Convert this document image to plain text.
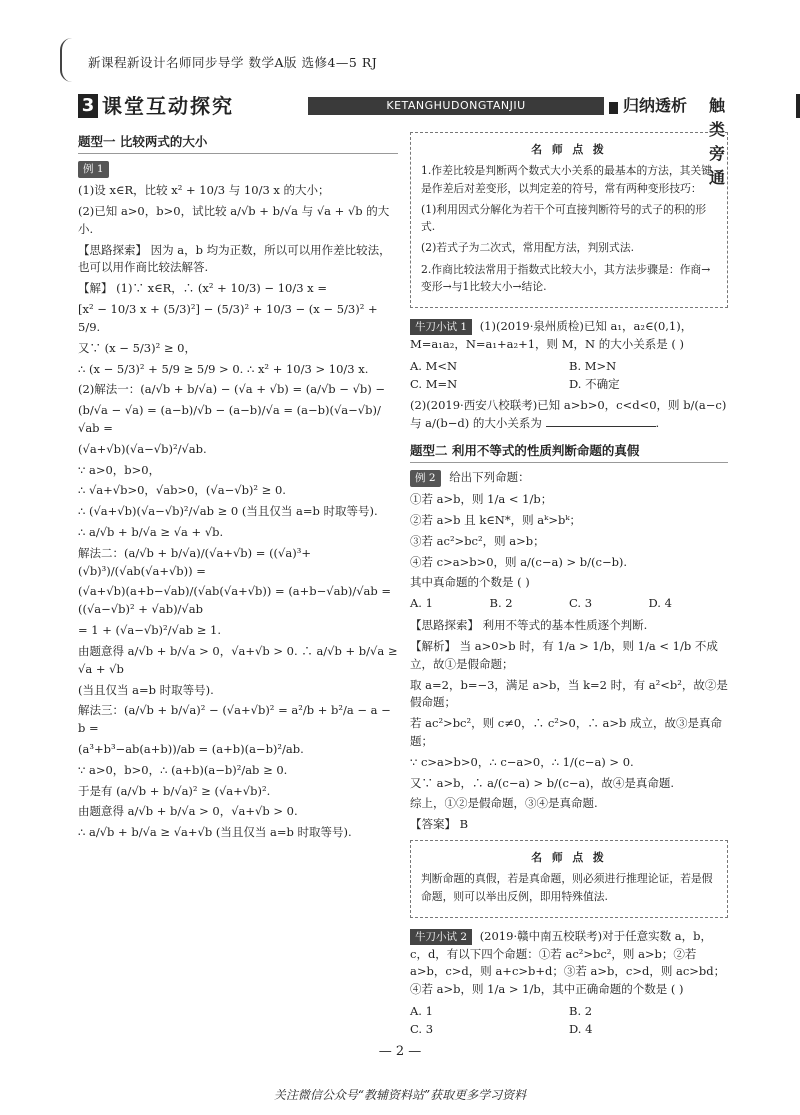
新课程新设计名师同步导学 数学A版 选修4—5 RJ
3 课堂互动探究	KETANGHUDONGTANJIU	归纳透析 触类旁通
题型一 比较两式的大小
例 1
(1)设 x∈R，比较 x² + 10/3 与 10/3 x 的大小；
(2)已知 a>0，b>0，试比较 a/√b + b/√a 与 √a + √b 的大小.
【思路探索】 因为 a，b 均为正数，所以可以用作差比较法，也可以用作商比较法解答.
【解】 (1)∵ x∈R，∴ (x² + 10/3) − 10/3 x =
[x² − 10/3 x + (5/3)²] − (5/3)² + 10/3 − (x − 5/3)² + 5/9.
又∵ (x − 5/3)² ≥ 0，
∴ (x − 5/3)² + 5/9 ≥ 5/9 > 0. ∴ x² + 10/3 > 10/3 x.
(2)解法一：(a/√b + b/√a) − (√a + √b) = (a/√b − √b) −
(b/√a − √a) = (a−b)/√b − (a−b)/√a = (a−b)(√a−√b)/√ab =
(√a+√b)(√a−√b)²/√ab.
∵ a>0，b>0，
∴ √a+√b>0，√ab>0，(√a−√b)² ≥ 0.
∴ (√a+√b)(√a−√b)²/√ab ≥ 0 (当且仅当 a=b 时取等号).
∴ a/√b + b/√a ≥ √a + √b.
解法二：(a/√b + b/√a)/(√a+√b) = ((√a)³+(√b)³)/(√ab(√a+√b)) =
(√a+√b)(a+b−√ab)/(√ab(√a+√b)) = (a+b−√ab)/√ab = ((√a−√b)² + √ab)/√ab
= 1 + (√a−√b)²/√ab ≥ 1.
由题意得 a/√b + b/√a > 0，√a+√b > 0. ∴ a/√b + b/√a ≥ √a + √b
(当且仅当 a=b 时取等号).
解法三：(a/√b + b/√a)² − (√a+√b)² = a²/b + b²/a − a − b =
(a³+b³−ab(a+b))/ab = (a+b)(a−b)²/ab.
∵ a>0，b>0，∴ (a+b)(a−b)²/ab ≥ 0.
于是有 (a/√b + b/√a)² ≥ (√a+√b)².
由题意得 a/√b + b/√a > 0，√a+√b > 0.
∴ a/√b + b/√a ≥ √a+√b (当且仅当 a=b 时取等号).
名 师 点 拨
1.作差比较是判断两个数式大小关系的最基本的方法，其关键是作差后对差变形，以判定差的符号，常有两种变形技巧：
(1)利用因式分解化为若干个可直接判断符号的式子的积的形式.
(2)若式子为二次式，常用配方法，判别式法.
2.作商比较法常用于指数式比较大小，其方法步骤是：作商→变形→与1比较大小→结论.
牛刀小试 1 (1)(2019·泉州质检)已知 a₁，a₂∈(0,1)，M=a₁a₂，N=a₁+a₂+1，则 M，N 的大小关系是 ( )
A. M<N	B. M>N
C. M=N	D. 不确定
(2)(2019·西安八校联考)已知 a>b>0，c<d<0，则 b/(a−c) 与 a/(b−d) 的大小关系为	.
题型二 利用不等式的性质判断命题的真假
例 2 给出下列命题：
①若 a>b，则 1/a < 1/b；
②若 a>b 且 k∈N*，则 aᵏ>bᵏ；
③若 ac²>bc²，则 a>b；
④若 c>a>b>0，则 a/(c−a) > b/(c−b).
其中真命题的个数是 ( )
A. 1	B. 2	C. 3	D. 4
【思路探索】 利用不等式的基本性质逐个判断.
【解析】 当 a>0>b 时，有 1/a > 1/b，则 1/a < 1/b 不成立，故①是假命题；
取 a=2，b=−3，满足 a>b，当 k=2 时，有 a²<b²，故②是假命题；
若 ac²>bc²，则 c≠0，∴ c²>0，∴ a>b 成立，故③是真命题；
∵ c>a>b>0，∴ c−a>0，∴ 1/(c−a) > 0.
又∵ a>b，∴ a/(c−a) > b/(c−a)，故④是真命题.
综上，①②是假命题，③④是真命题.
【答案】 B
名 师 点 拨
判断命题的真假，若是真命题，则必须进行推理论证，若是假命题，则可以举出反例，即用特殊值法.
牛刀小试 2 (2019·赣中南五校联考)对于任意实数 a，b，c，d，有以下四个命题：①若 ac²>bc²，则 a>b；②若 a>b，c>d，则 a+c>b+d；③若 a>b，c>d，则 ac>bd；④若 a>b，则 1/a > 1/b，其中正确命题的个数是 ( )
A. 1	B. 2
C. 3	D. 4
— 2 —
关注微信公众号“教辅资料站”获取更多学习资料
